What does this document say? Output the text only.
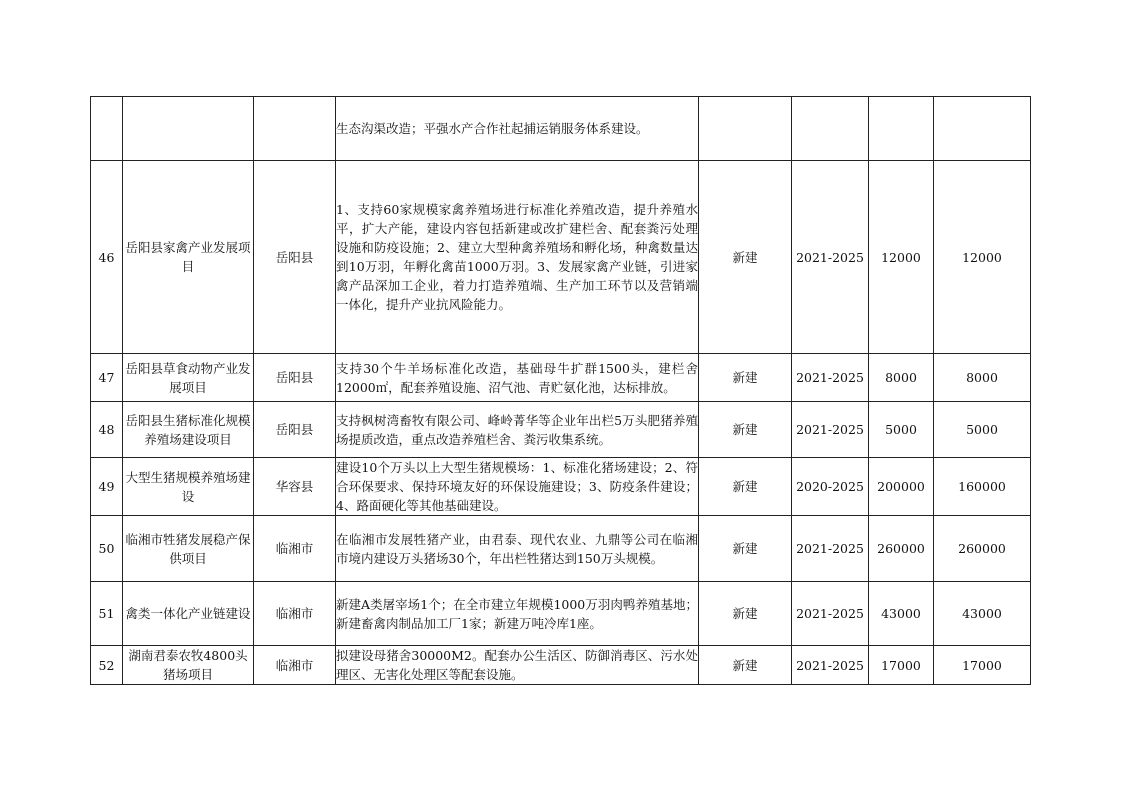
			生态沟渠改造；平强水产合作社起捕运销服务体系建设。				
46	岳阳县家禽产业发展项目	岳阳县	1、支持60家规模家禽养殖场进行标准化养殖改造，提升养殖水平，扩大产能，建设内容包括新建或改扩建栏舍、配套粪污处理设施和防疫设施；2、建立大型种禽养殖场和孵化场，种禽数量达到10万羽，年孵化禽苗1000万羽。3、发展家禽产业链，引进家禽产品深加工企业，着力打造养殖端、生产加工环节以及营销端一体化，提升产业抗风险能力。	新建	2021-2025	12000	12000
47	岳阳县草食动物产业发展项目	岳阳县	支持30个牛羊场标准化改造，基础母牛扩群1500头，建栏舍12000㎡，配套养殖设施、沼气池、青贮氨化池，达标排放。	新建	2021-2025	8000	8000
48	岳阳县生猪标准化规模养殖场建设项目	岳阳县	支持枫树湾畜牧有限公司、峰岭菁华等企业年出栏5万头肥猪养殖场提质改造，重点改造养殖栏舍、粪污收集系统。	新建	2021-2025	5000	5000
49	大型生猪规模养殖场建设	华容县	建设10个万头以上大型生猪规模场：1、标准化猪场建设；2、符合环保要求、保持环境友好的环保设施建设；3、防疫条件建设；4、路面硬化等其他基础建设。	新建	2020-2025	200000	160000
50	临湘市牲猪发展稳产保供项目	临湘市	在临湘市发展牲猪产业，由君泰、现代农业、九鼎等公司在临湘市境内建设万头猪场30个，年出栏牲猪达到150万头规模。	新建	2021-2025	260000	260000
51	禽类一体化产业链建设	临湘市	新建A类屠宰场1个；在全市建立年规模1000万羽肉鸭养殖基地；新建畜禽肉制品加工厂1家；新建万吨冷库1座。	新建	2021-2025	43000	43000
52	湖南君泰农牧4800头猪场项目	临湘市	拟建设母猪舍30000M2。配套办公生活区、防御消毒区、污水处理区、无害化处理区等配套设施。	新建	2021-2025	17000	17000
